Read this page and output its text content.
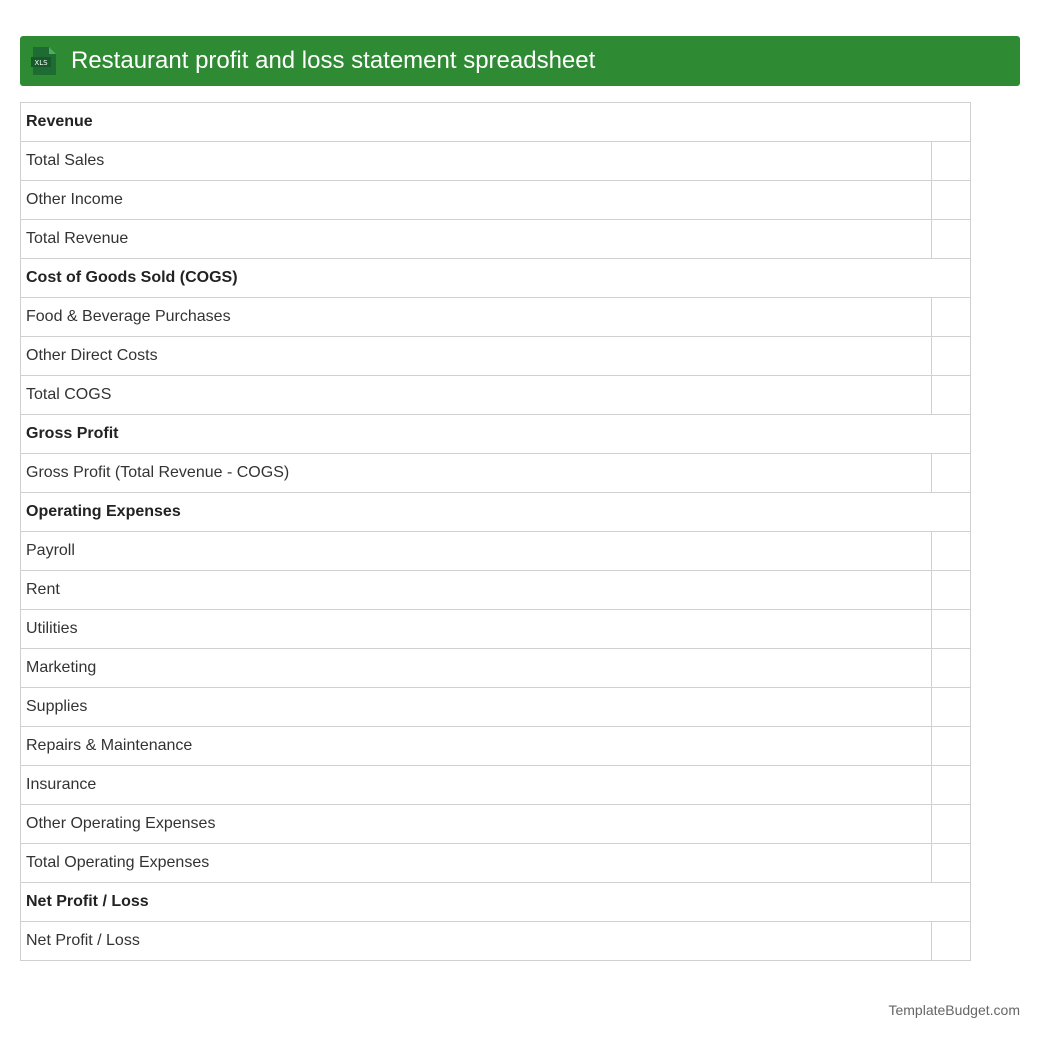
XLS Restaurant profit and loss statement spreadsheet
Revenue	
Total Sales	
Other Income	
Total Revenue	
Cost of Goods Sold (COGS)	
Food & Beverage Purchases	
Other Direct Costs	
Total COGS	
Gross Profit	
Gross Profit (Total Revenue - COGS)	
Operating Expenses	
Payroll	
Rent	
Utilities	
Marketing	
Supplies	
Repairs & Maintenance	
Insurance	
Other Operating Expenses	
Total Operating Expenses	
Net Profit / Loss	
Net Profit / Loss	
TemplateBudget.com
